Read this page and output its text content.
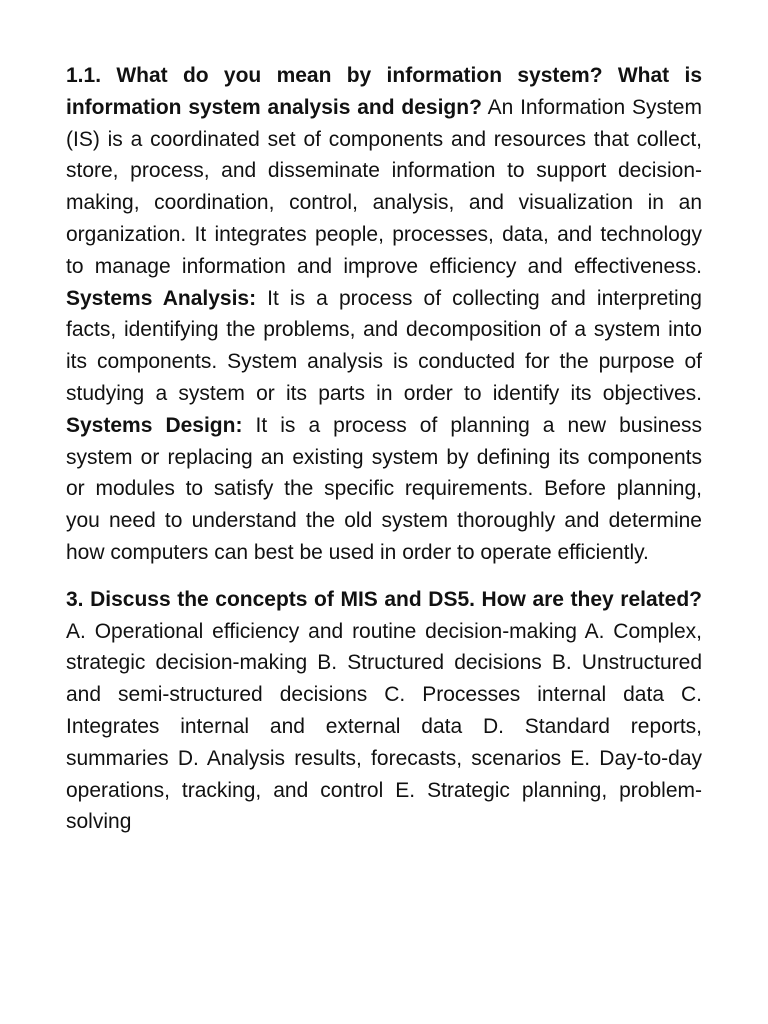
1.1. What do you mean by information system? What is information system analysis and design? An Information System (IS) is a coordinated set of components and resources that collect, store, process, and disseminate information to support decision-making, coordination, control, analysis, and visualization in an organization. It integrates people, processes, data, and technology to manage information and improve efficiency and effectiveness. Systems Analysis: It is a process of collecting and interpreting facts, identifying the problems, and decomposition of a system into its components. System analysis is conducted for the purpose of studying a system or its parts in order to identify its objectives. Systems Design: It is a process of planning a new business system or replacing an existing system by defining its components or modules to satisfy the specific requirements. Before planning, you need to understand the old system thoroughly and determine how computers can best be used in order to operate efficiently.

3. Discuss the concepts of MIS and DS5. How are they related? A. Operational efficiency and routine decision-making A. Complex, strategic decision-making B. Structured decisions B. Unstructured and semi-structured decisions C. Processes internal data C. Integrates internal and external data D. Standard reports, summaries D. Analysis results, forecasts, scenarios E. Day-to-day operations, tracking, and control E. Strategic planning, problem-solving
